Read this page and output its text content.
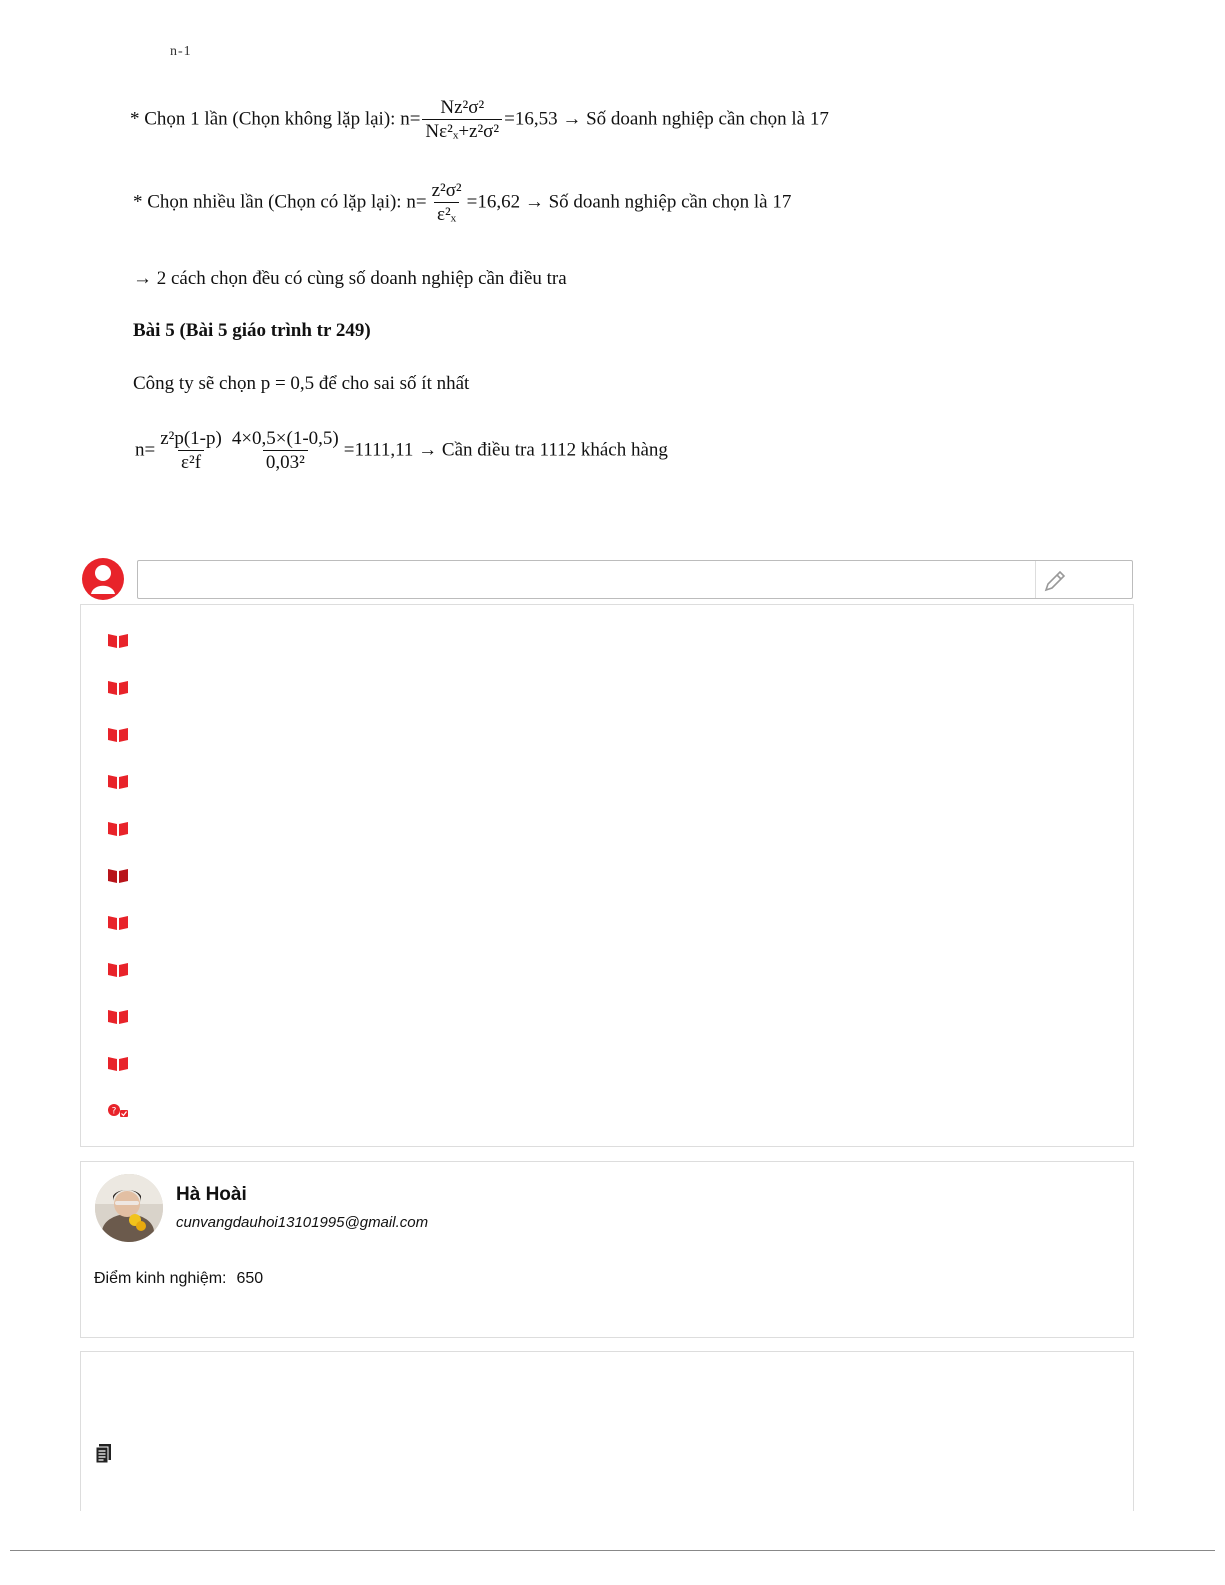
n-1
* Chọn 1 lần (Chọn không lặp lại): $n= \frac{\text{Nz²σ²}}{\text{Nε²ₓ+z²σ²}} =16,53$ → Số doanh nghiệp cần chọn là 17
* Chọn nhiều lần (Chọn có lặp lại): $n= \frac{\text{z²σ²}}{\text{ε²ₓ}} =16,62$ → Số doanh nghiệp cần chọn là 17
→ 2 cách chọn đều có cùng số doanh nghiệp cần điều tra
Bài 5 (Bài 5 giáo trình tr 249)
Công ty sẽ chọn p = 0,5 để cho sai số ít nhất
$n= \frac{\text{z²p(1-p)}}{\text{ε²f}} \frac{4\times 0,5\times(1-0,5)}{\text{0,03²}} =1111,11$ → Cần điều tra 1112 khách hàng
?
Hà Hoài
cunvangdauhoi13101995@gmail.com
Điểm kinh nghiệm: 650
